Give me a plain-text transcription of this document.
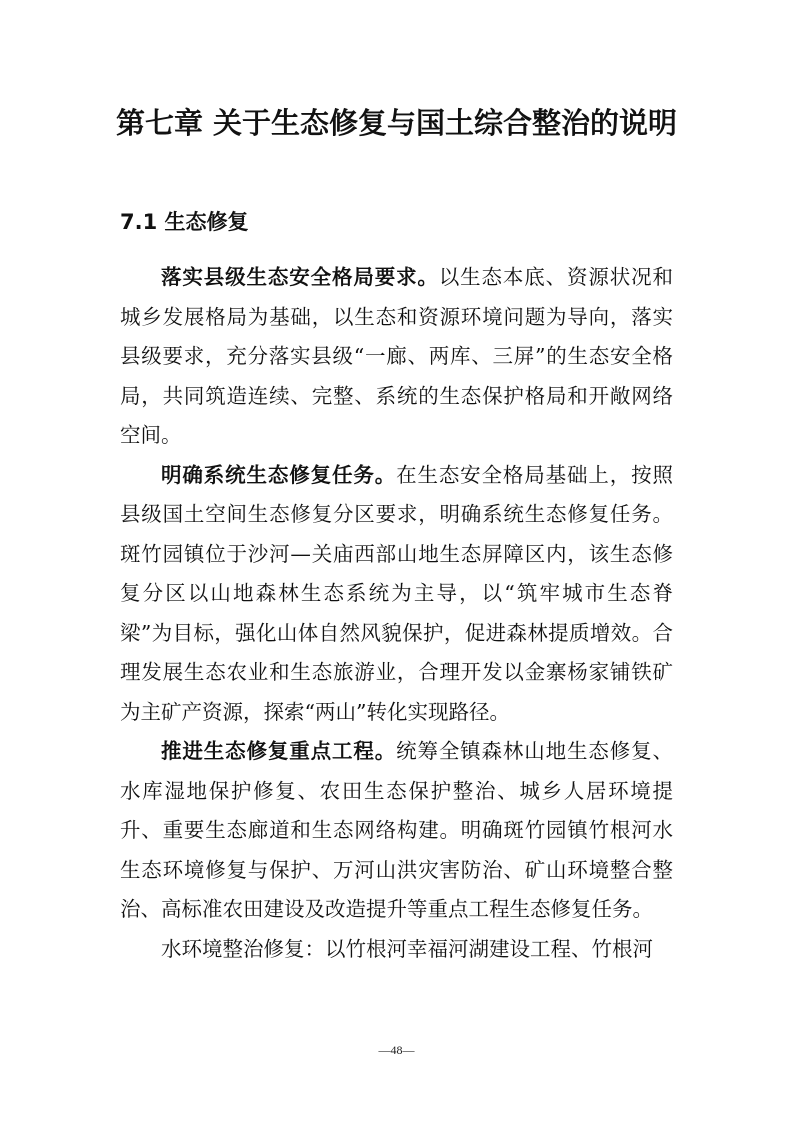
第七章 关于生态修复与国土综合整治的说明
7.1 生态修复

落实县级生态安全格局要求。以生态本底、资源状况和城乡发展格局为基础，以生态和资源环境问题为导向，落实县级要求，充分落实县级“一廊、两库、三屏”的生态安全格局，共同筑造连续、完整、系统的生态保护格局和开敞网络空间。

明确系统生态修复任务。在生态安全格局基础上，按照县级国土空间生态修复分区要求，明确系统生态修复任务。斑竹园镇位于沙河—关庙西部山地生态屏障区内，该生态修复分区以山地森林生态系统为主导，以“筑牢城市生态脊梁”为目标，强化山体自然风貌保护，促进森林提质增效。合理发展生态农业和生态旅游业，合理开发以金寨杨家铺铁矿为主矿产资源，探索“两山”转化实现路径。

推进生态修复重点工程。统筹全镇森林山地生态修复、水库湿地保护修复、农田生态保护整治、城乡人居环境提升、重要生态廊道和生态网络构建。明确斑竹园镇竹根河水生态环境修复与保护、万河山洪灾害防治、矿山环境整合整治、高标准农田建设及改造提升等重点工程生态修复任务。

水环境整治修复：以竹根河幸福河湖建设工程、竹根河

—48—
